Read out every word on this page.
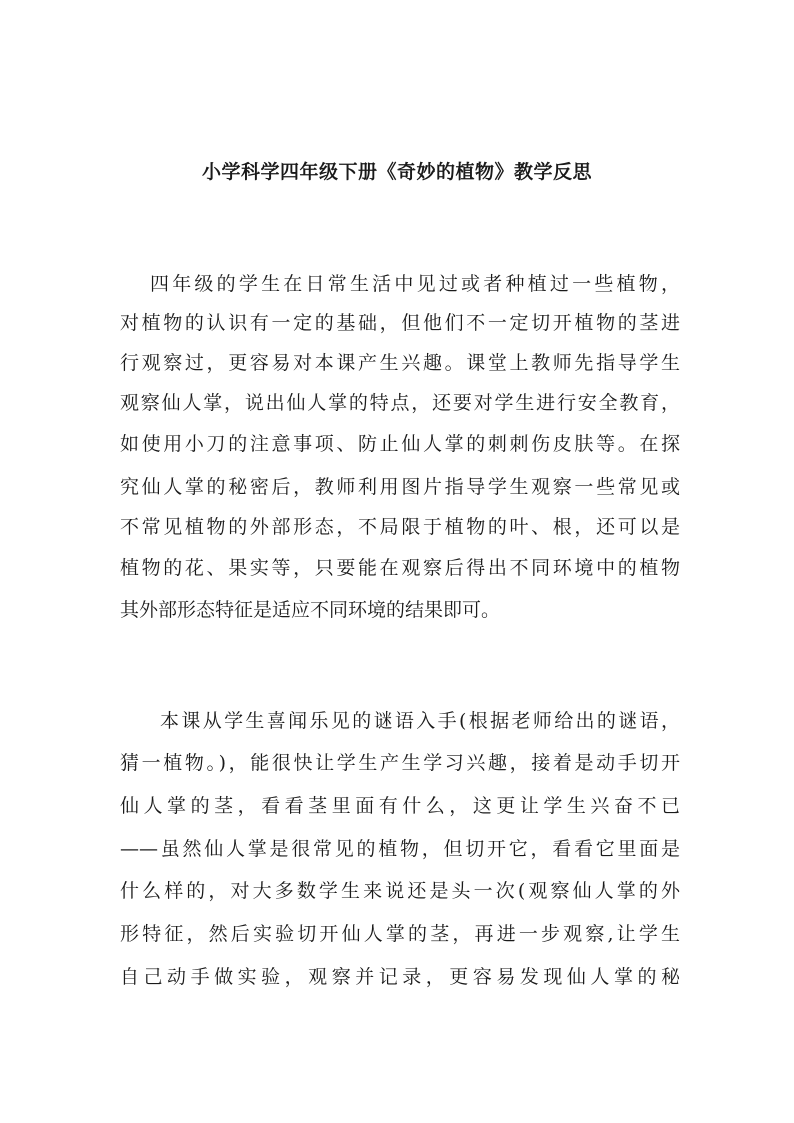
小学科学四年级下册《奇妙的植物》教学反思

四年级的学生在日常生活中见过或者种植过一些植物，

对植物的认识有一定的基础，但他们不一定切开植物的茎进

行观察过，更容易对本课产生兴趣。课堂上教师先指导学生

观察仙人掌，说出仙人掌的特点，还要对学生进行安全教育，

如使用小刀的注意事项、防止仙人掌的刺刺伤皮肤等。在探

究仙人掌的秘密后，教师利用图片指导学生观察一些常见或

不常见植物的外部形态，不局限于植物的叶、根，还可以是

植物的花、果实等，只要能在观察后得出不同环境中的植物

其外部形态特征是适应不同环境的结果即可。

本课从学生喜闻乐见的谜语入手(根据老师给出的谜语，

猜一植物。)，能很快让学生产生学习兴趣，接着是动手切开

仙人掌的茎，看看茎里面有什么，这更让学生兴奋不已

——虽然仙人掌是很常见的植物，但切开它，看看它里面是

什么样的，对大多数学生来说还是头一次(观察仙人掌的外

形特征，然后实验切开仙人掌的茎，再进一步观察,让学生

自己动手做实验，观察并记录，更容易发现仙人掌的秘
